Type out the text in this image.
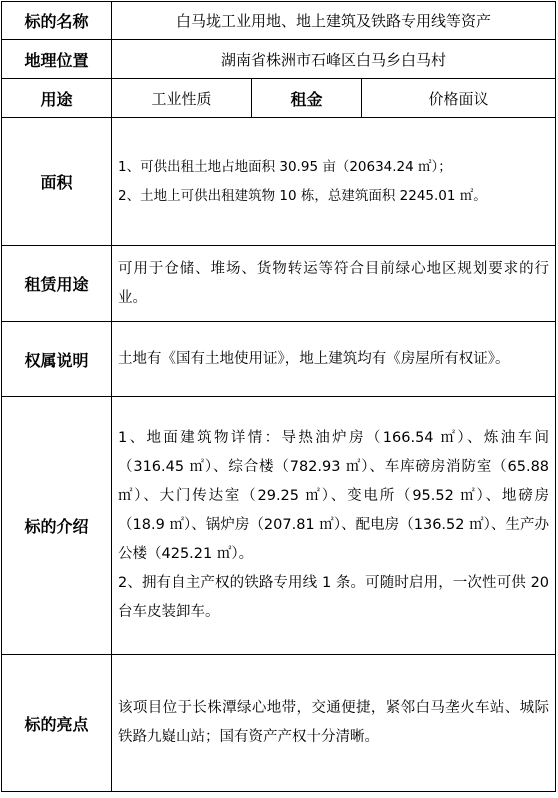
标的名称	白马垅工业用地、地上建筑及铁路专用线等资产		
地理位置	湖南省株洲市石峰区白马乡白马村		
用途	工业性质	租金	价格面议
面积	1、可供出租土地占地面积 30.95 亩（20634.24 ㎡）；

2、土地上可供出租建筑物 10 栋，总建筑面积 2245.01 ㎡。		

租赁用途	可用于仓储、堆场、货物转运等符合目前绿心地区规划要求的行业。		
权属说明	土地有《国有土地使用证》，地上建筑均有《房屋所有权证》。		
标的介绍	1、地面建筑物详情：导热油炉房（166.54 ㎡）、炼油车间（316.45 ㎡）、综合楼（782.93 ㎡）、车库磅房消防室（65.88 ㎡）、大门传达室（29.25 ㎡）、变电所（95.52 ㎡）、地磅房（18.9 ㎡）、锅炉房（207.81 ㎡）、配电房（136.52 ㎡）、生产办公楼（425.21 ㎡）。

2、拥有自主产权的铁路专用线 1 条。可随时启用，一次性可供 20 台车皮装卸车。		

标的亮点	该项目位于长株潭绿心地带，交通便捷，紧邻白马垄火车站、城际铁路九嶷山站；国有资产产权十分清晰。		
